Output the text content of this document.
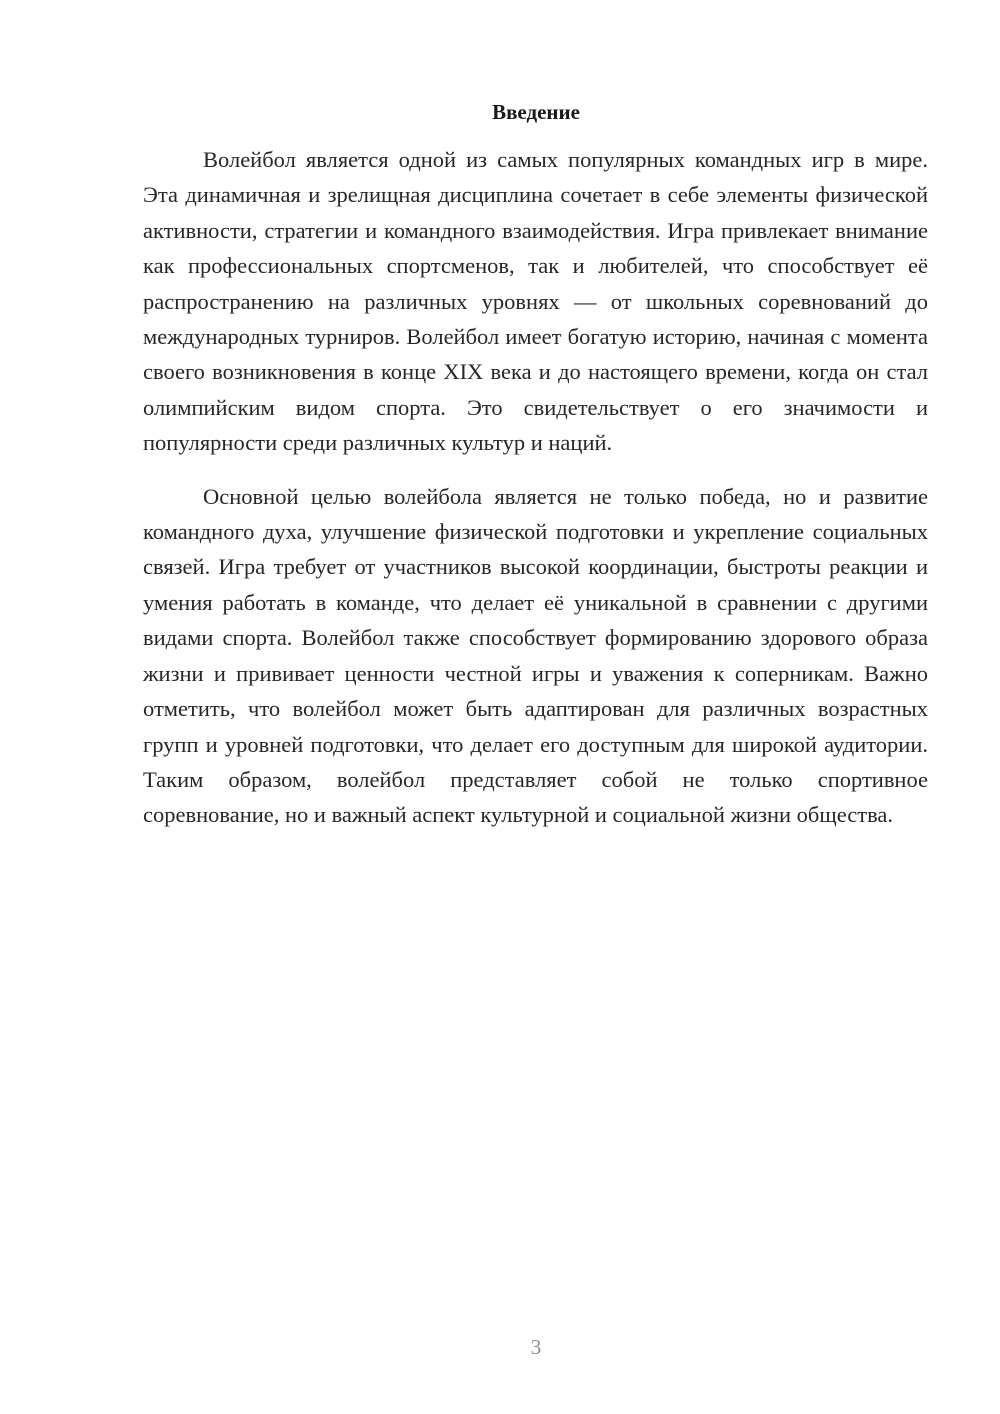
Введение

Волейбол является одной из самых популярных командных игр в мире. Эта динамичная и зрелищная дисциплина сочетает в себе элементы физической активности, стратегии и командного взаимодействия. Игра привлекает внимание как профессиональных спортсменов, так и любителей, что способствует её распространению на различных уровнях — от школьных соревнований до международных турниров. Волейбол имеет богатую историю, начиная с момента своего возникновения в конце XIX века и до настоящего времени, когда он стал олимпийским видом спорта. Это свидетельствует о его значимости и популярности среди различных культур и наций.

Основной целью волейбола является не только победа, но и развитие командного духа, улучшение физической подготовки и укрепление социальных связей. Игра требует от участников высокой координации, быстроты реакции и умения работать в команде, что делает её уникальной в сравнении с другими видами спорта. Волейбол также способствует формированию здорового образа жизни и прививает ценности честной игры и уважения к соперникам. Важно отметить, что волейбол может быть адаптирован для различных возрастных групп и уровней подготовки, что делает его доступным для широкой аудитории. Таким образом, волейбол представляет собой не только спортивное соревнование, но и важный аспект культурной и социальной жизни общества.

3
